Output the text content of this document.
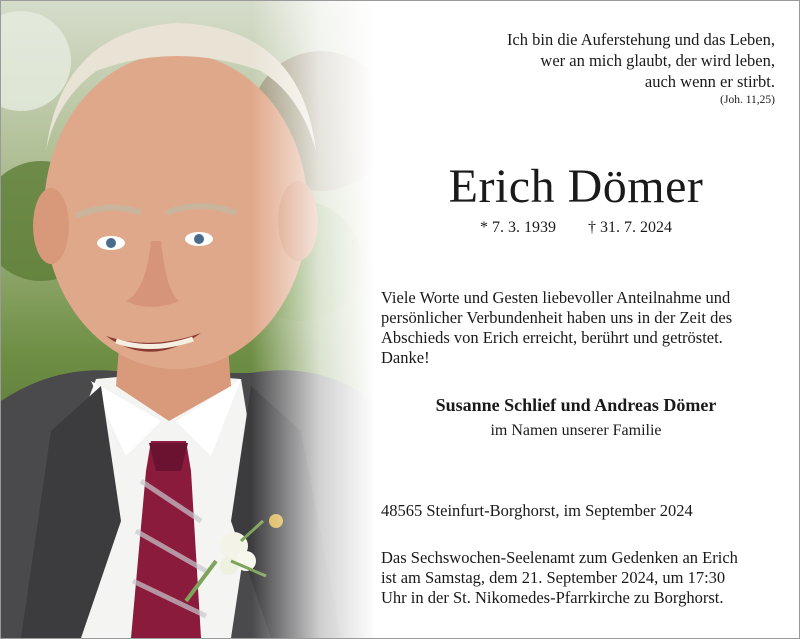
Ich bin die Auferstehung und das Leben,
wer an mich glaubt, der wird leben,
auch wenn er stirbt.
(Joh. 11,25)
Erich Dömer
* 7. 3. 1939 † 31. 7. 2024

Viele Worte und Gesten liebevoller Anteilnahme und

persönlicher Verbundenheit haben uns in der Zeit des

Abschieds von Erich erreicht, berührt und getröstet.

Danke!

Susanne Schlief und Andreas Dömer
im Namen unserer Familie
48565 Steinfurt-Borghorst, im September 2024

Das Sechswochen-Seelenamt zum Gedenken an Erich

ist am Samstag, dem 21. September 2024, um 17:30

Uhr in der St. Nikomedes-Pfarrkirche zu Borghorst.
